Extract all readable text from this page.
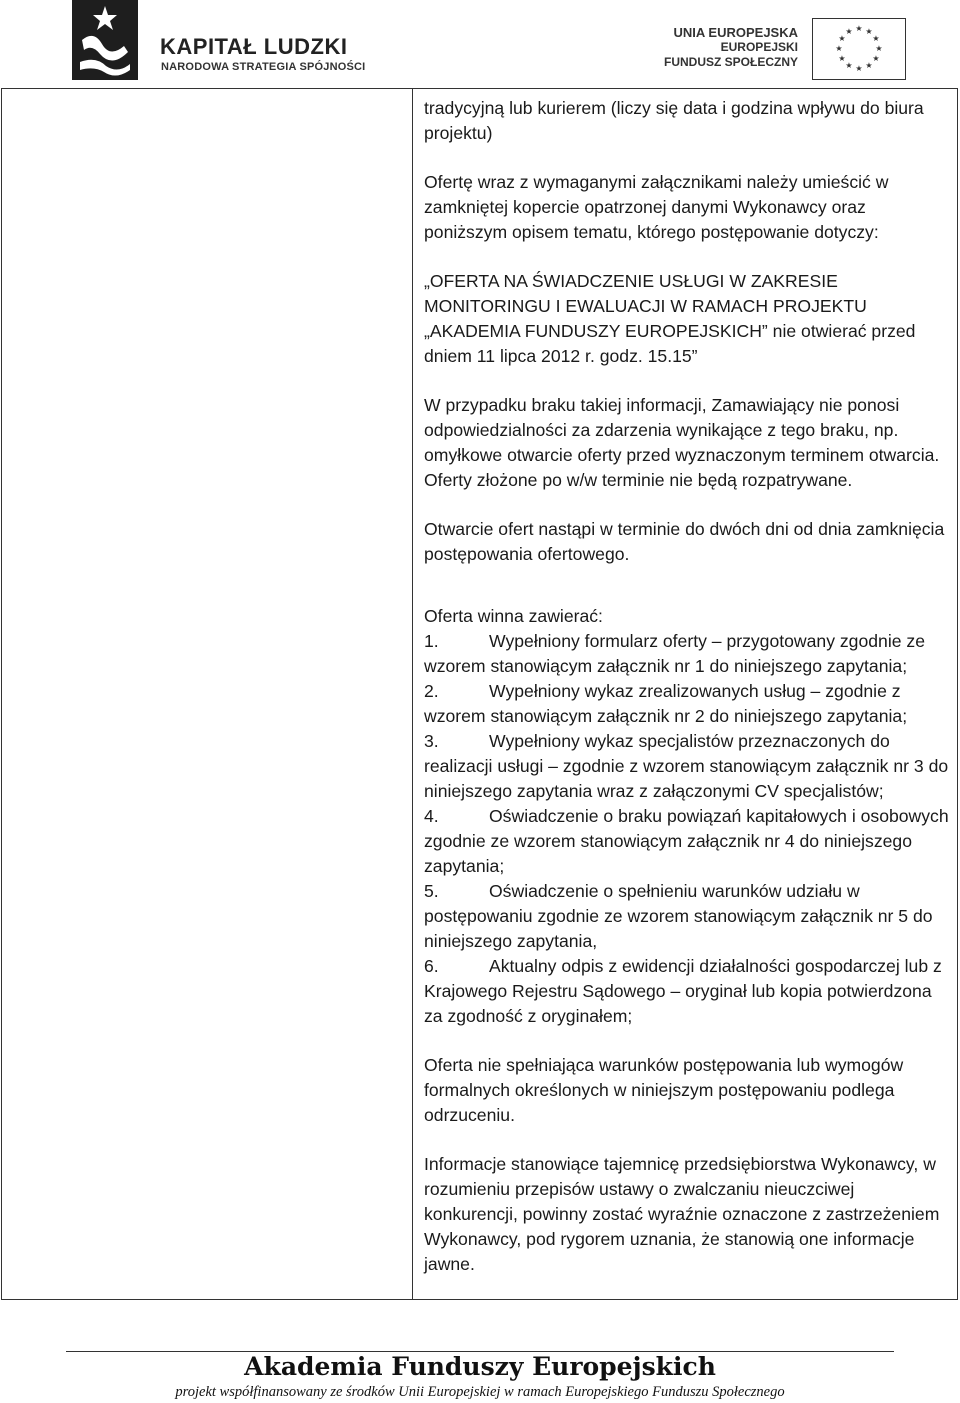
KAPITAŁ LUDZKI
NARODOWA STRATEGIA SPÓJNOŚCI
UNIA EUROPEJSKA
EUROPEJSKI
FUNDUSZ SPOŁECZNY
★ ★
★
★
★
★
★
★
★
★
★
★

tradycyjną lub kurierem (liczy się data i godzina wpływu do biura projektu)

Ofertę wraz z wymaganymi załącznikami należy umieścić w zamkniętej kopercie opatrzonej danymi Wykonawcy oraz poniższym opisem tematu, którego postępowanie dotyczy:

„OFERTA NA ŚWIADCZENIE USŁUGI W ZAKRESIE MONITORINGU I EWALUACJI W RAMACH PROJEKTU „AKADEMIA FUNDUSZY EUROPEJSKICH” nie otwierać przed dniem 11 lipca 2012 r. godz. 15.15”

W przypadku braku takiej informacji, Zamawiający nie ponosi odpowiedzialności za zdarzenia wynikające z tego braku, np. omyłkowe otwarcie oferty przed wyznaczonym terminem otwarcia. Oferty złożone po w/w terminie nie będą rozpatrywane.

Otwarcie ofert nastąpi w terminie do dwóch dni od dnia zamknięcia postępowania ofertowego.

Oferta winna zawierać:

1.	Wypełniony formularz oferty – przygotowany zgodnie ze wzorem stanowiącym załącznik nr 1 do niniejszego zapytania;

2.	Wypełniony wykaz zrealizowanych usług – zgodnie z wzorem stanowiącym załącznik nr 2 do niniejszego zapytania;

3.	Wypełniony wykaz specjalistów przeznaczonych do realizacji usługi – zgodnie z wzorem stanowiącym załącznik nr 3 do niniejszego zapytania wraz z załączonymi CV specjalistów;

4.	Oświadczenie o braku powiązań kapitałowych i osobowych zgodnie ze wzorem stanowiącym załącznik nr 4 do niniejszego zapytania;

5.	Oświadczenie o spełnieniu warunków udziału w postępowaniu zgodnie ze wzorem stanowiącym załącznik nr 5 do niniejszego zapytania,

6.	Aktualny odpis z ewidencji działalności gospodarczej lub z Krajowego Rejestru Sądowego – oryginał lub kopia potwierdzona za zgodność z oryginałem;

Oferta nie spełniająca warunków postępowania lub wymogów formalnych określonych w niniejszym postępowaniu podlega odrzuceniu.

Informacje stanowiące tajemnicę przedsiębiorstwa Wykonawcy, w rozumieniu przepisów ustawy o zwalczaniu nieuczciwej konkurencji, powinny zostać wyraźnie oznaczone z zastrzeżeniem Wykonawcy, pod rygorem uznania, że stanowią one informacje jawne.

Akademia Funduszy Europejskich
projekt współfinansowany ze środków Unii Europejskiej w ramach Europejskiego Funduszu Społecznego
